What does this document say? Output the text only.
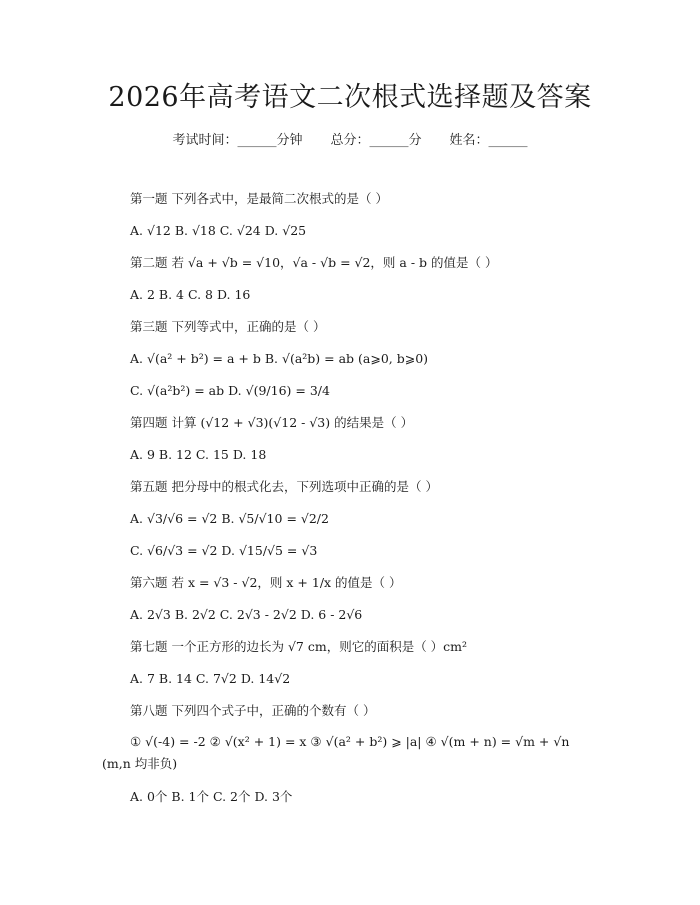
2026年高考语文二次根式选择题及答案
考试时间：______分钟 总分：______分 姓名：______
第一题 下列各式中，是最简二次根式的是（ ）
A. √12 B. √18 C. √24 D. √25
第二题 若 √a + √b = √10，√a - √b = √2，则 a - b 的值是（ ）
A. 2 B. 4 C. 8 D. 16
第三题 下列等式中，正确的是（ ）
A. √(a² + b²) = a + b B. √(a²b) = ab (a⩾0, b⩾0)
C. √(a²b²) = ab D. √(9/16) = 3/4
第四题 计算 (√12 + √3)(√12 - √3) 的结果是（ ）
A. 9 B. 12 C. 15 D. 18
第五题 把分母中的根式化去，下列选项中正确的是（ ）
A. √3/√6 = √2 B. √5/√10 = √2/2
C. √6/√3 = √2 D. √15/√5 = √3
第六题 若 x = √3 - √2，则 x + 1/x 的值是（ ）
A. 2√3 B. 2√2 C. 2√3 - 2√2 D. 6 - 2√6
第七题 一个正方形的边长为 √7 cm，则它的面积是（ ）cm²
A. 7 B. 14 C. 7√2 D. 14√2
第八题 下列四个式子中，正确的个数有（ ）
① √(-4) = -2 ② √(x² + 1) = x ③ √(a² + b²) ⩾ |a| ④ √(m + n) = √m + √n (m,n 均非负)
A. 0个 B. 1个 C. 2个 D. 3个
